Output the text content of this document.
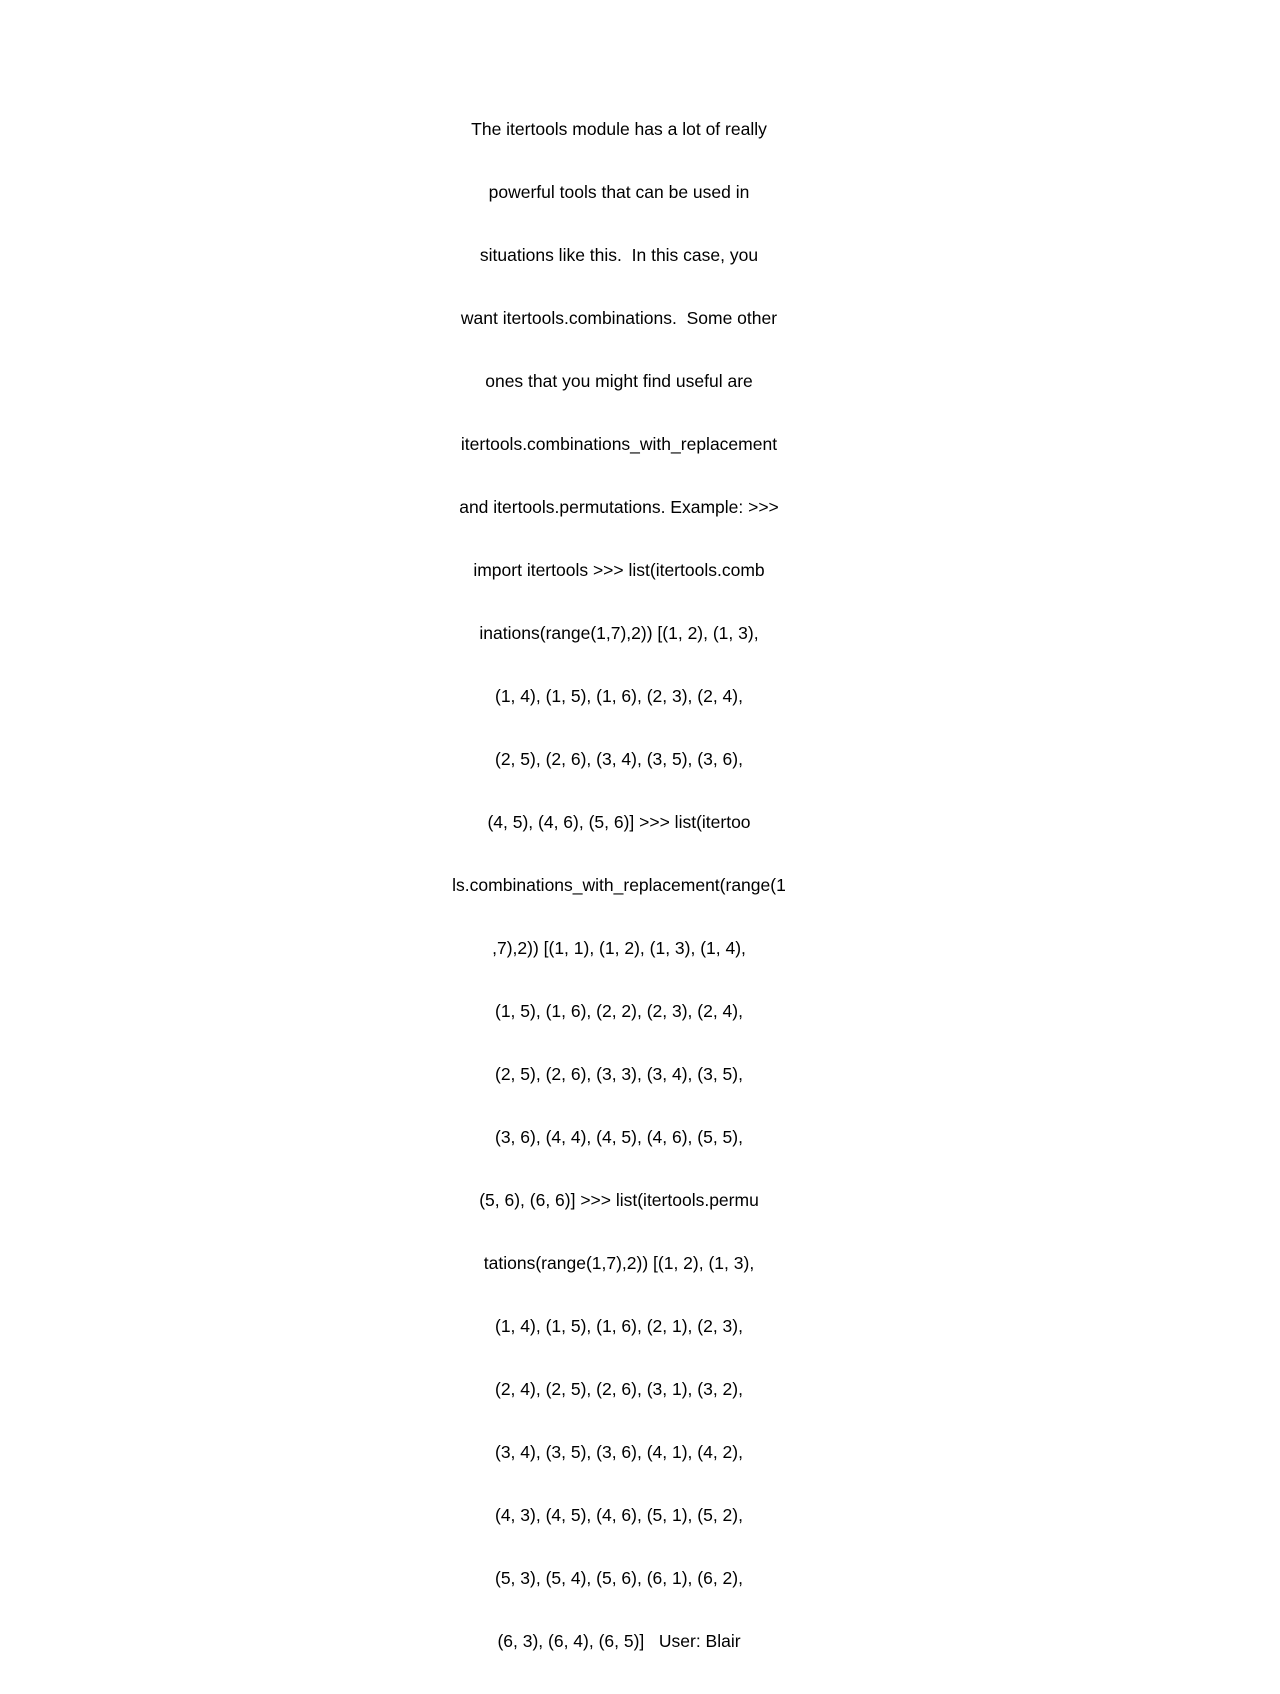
The itertools module has a lot of really

powerful tools that can be used in

situations like this.  In this case, you

want itertools.combinations.  Some other

ones that you might find useful are

itertools.combinations_with_replacement

and itertools.permutations. Example: >>>

import itertools >>> list(itertools.comb

inations(range(1,7),2)) [(1, 2), (1, 3),

(1, 4), (1, 5), (1, 6), (2, 3), (2, 4),

(2, 5), (2, 6), (3, 4), (3, 5), (3, 6),

(4, 5), (4, 6), (5, 6)] >>> list(itertoo

ls.combinations_with_replacement(range(1

,7),2)) [(1, 1), (1, 2), (1, 3), (1, 4),

(1, 5), (1, 6), (2, 2), (2, 3), (2, 4),

(2, 5), (2, 6), (3, 3), (3, 4), (3, 5),

(3, 6), (4, 4), (4, 5), (4, 6), (5, 5),

(5, 6), (6, 6)] >>> list(itertools.permu

tations(range(1,7),2)) [(1, 2), (1, 3),

(1, 4), (1, 5), (1, 6), (2, 1), (2, 3),

(2, 4), (2, 5), (2, 6), (3, 1), (3, 2),

(3, 4), (3, 5), (3, 6), (4, 1), (4, 2),

(4, 3), (4, 5), (4, 6), (5, 1), (5, 2),

(5, 3), (5, 4), (5, 6), (6, 1), (6, 2),

(6, 3), (6, 4), (6, 5)]   User: Blair
